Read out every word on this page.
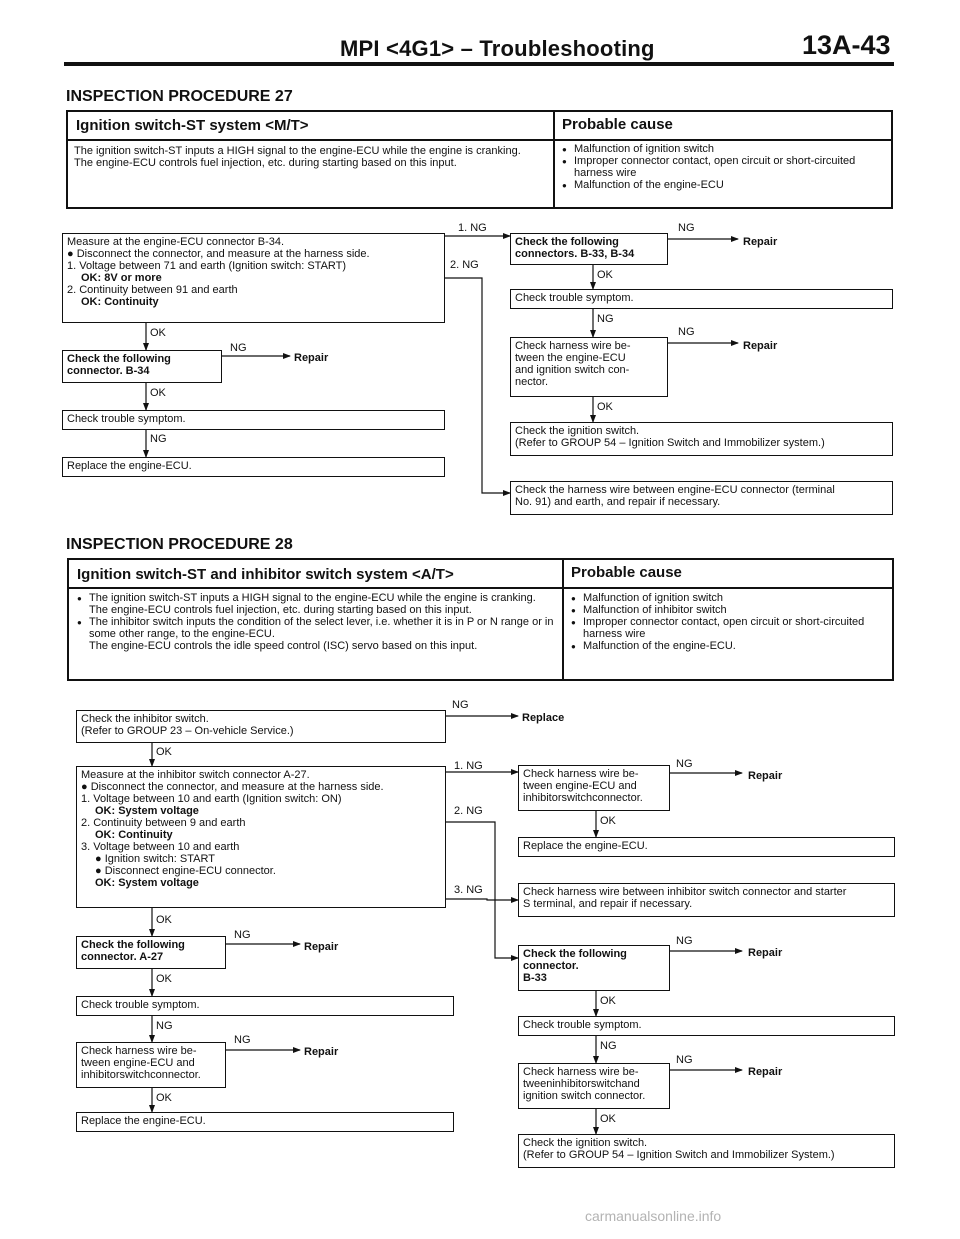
MPI <4G1> – Troubleshooting	13A-43
INSPECTION PROCEDURE 27
Ignition switch-ST system <M/T>	Probable cause
The ignition switch-ST inputs a HIGH signal to the engine-ECU while the engine is cranking.
The engine-ECU controls fuel injection, etc. during starting based on this input.
● Malfunction of ignition switch
● Improper connector contact, open circuit or short-circuited harness wire
● Malfunction of the engine-ECU
Measure at the engine-ECU connector B-34.
● Disconnect the connector, and measure at the harness side.
1. Voltage between 71 and earth (Ignition switch: START)
OK: 8V or more
2. Continuity between 91 and earth
OK: Continuity
Check the following
connector. B-34
Check trouble symptom.
Replace the engine-ECU.
Check the following
connectors. B-33, B-34
Check trouble symptom.
Check harness wire be-
tween the engine-ECU
and ignition switch con-
nector.
Check the ignition switch.
(Refer to GROUP 54 – Ignition Switch and Immobilizer system.)
Check the harness wire between engine-ECU connector (terminal
No. 91) and earth, and repair if necessary.
1. NG
2. NG
OK
NG
Repair
OK
NG
NG
Repair
OK
NG
NG
Repair
OK
INSPECTION PROCEDURE 28
Ignition switch-ST and inhibitor switch system <A/T>	Probable cause
● The ignition switch-ST inputs a HIGH signal to the engine-ECU while the engine is cranking.
The engine-ECU controls fuel injection, etc. during starting based on this input.
● The inhibitor switch inputs the condition of the select lever, i.e. whether it is in P or N range or in some other range, to the engine-ECU.
The engine-ECU controls the idle speed control (ISC) servo based on this input.
● Malfunction of ignition switch
● Malfunction of inhibitor switch
● Improper connector contact, open circuit or short-circuited harness wire
● Malfunction of the engine-ECU.
Check the inhibitor switch.
(Refer to GROUP 23 – On-vehicle Service.)
Measure at the inhibitor switch connector A-27.
● Disconnect the connector, and measure at the harness side.
1. Voltage between 10 and earth (Ignition switch: ON)
OK: System voltage
2. Continuity between 9 and earth
OK: Continuity
3. Voltage between 10 and earth
● Ignition switch: START
● Disconnect engine-ECU connector.
OK: System voltage
Check the following
connector. A-27
Check trouble symptom.
Check harness wire be-
tween engine-ECU and
inhibitorswitchconnector.
Replace the engine-ECU.
Check harness wire be-
tween engine-ECU and
inhibitorswitchconnector.
Replace the engine-ECU.
Check harness wire between inhibitor switch connector and starter
S terminal, and repair if necessary.
Check the following
connector.
B-33
Check trouble symptom.
Check harness wire be-
tweeninhibitorswitchand
ignition switch connector.
Check the ignition switch.
(Refer to GROUP 54 – Ignition Switch and Immobilizer System.)
NG
Replace
OK
1. NG
2. NG
3. NG
OK
NG
Repair
OK
NG
NG
Repair
OK
NG
Repair
OK
NG
Repair
OK
NG
NG
Repair
OK
carmanualsonline.info
